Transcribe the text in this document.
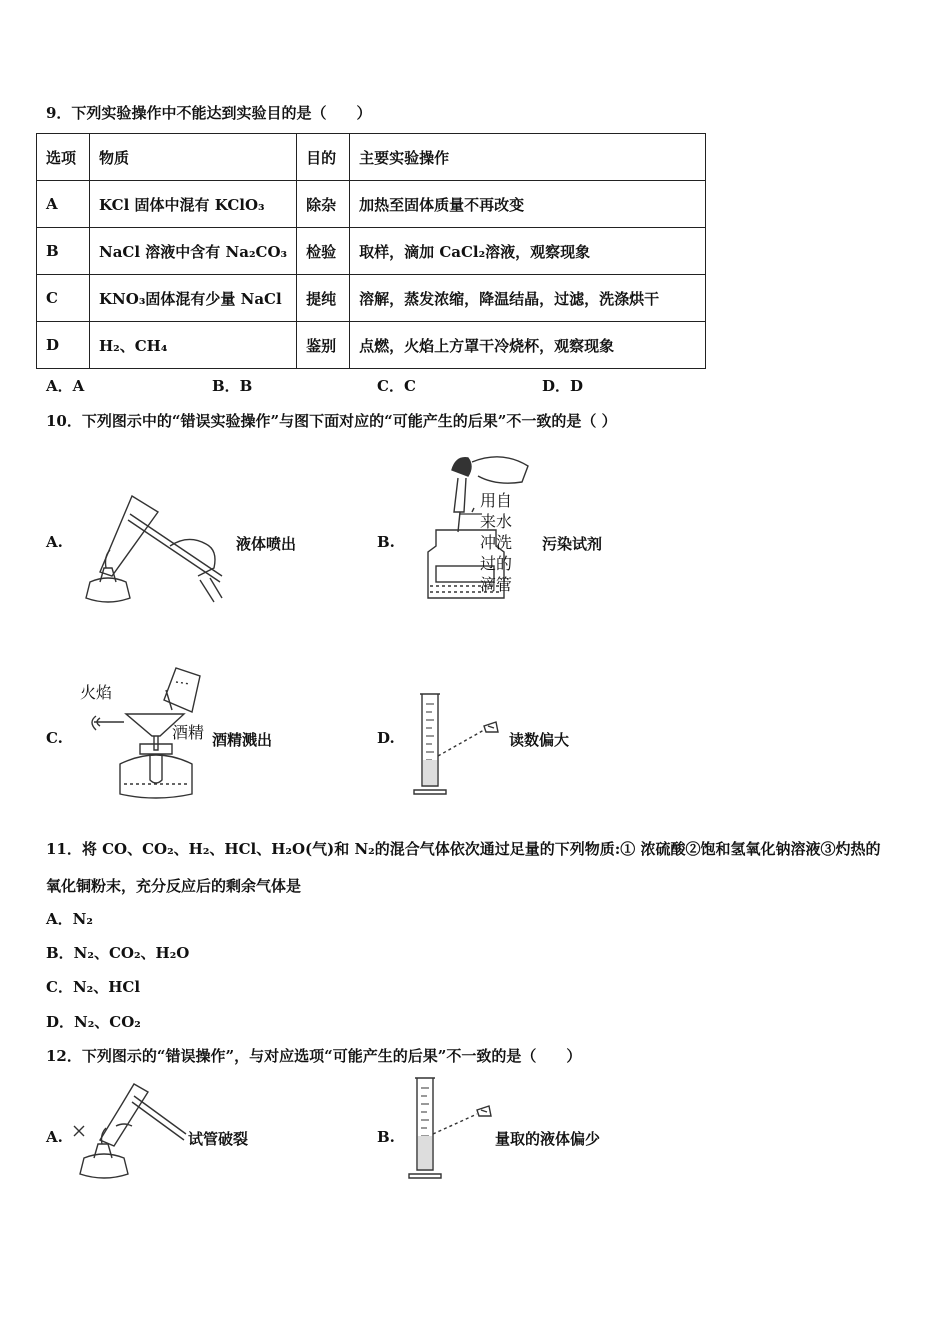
9．下列实验操作中不能达到实验目的是（　　）
选项	物质	目的	主要实验操作
A	KCl 固体中混有 KClO₃	除杂	加热至固体质量不再改变
B	NaCl 溶液中含有 Na₂CO₃	检验	取样，滴加 CaCl₂溶液，观察现象
C	KNO₃固体混有少量 NaCl	提纯	溶解，蒸发浓缩，降温结晶，过滤，洗涤烘干
D	H₂、CH₄	鉴别	点燃，火焰上方罩干冷烧杯，观察现象
A．A	B．B	C．C	D．D
10．下列图示中的“错误实验操作”与图下面对应的“可能产生的后果”不一致的是（ ）
A.	液体喷出	B.
用自
来水
冲洗
过的
滴管
污染试剂
C.
火焰
酒精 酒精溅出	D.	读数偏大
11．将 CO、CO₂、H₂、HCl、H₂O(气)和 N₂的混合气体依次通过足量的下列物质:① 浓硫酸②饱和氢氧化钠溶液③灼热的
氧化铜粉末，充分反应后的剩余气体是
A．N₂
B．N₂、CO₂、H₂O
C．N₂、HCl
D．N₂、CO₂
12．下列图示的“错误操作”，与对应选项“可能产生的后果”不一致的是（　　）
A.	试管破裂	B.	量取的液体偏少
